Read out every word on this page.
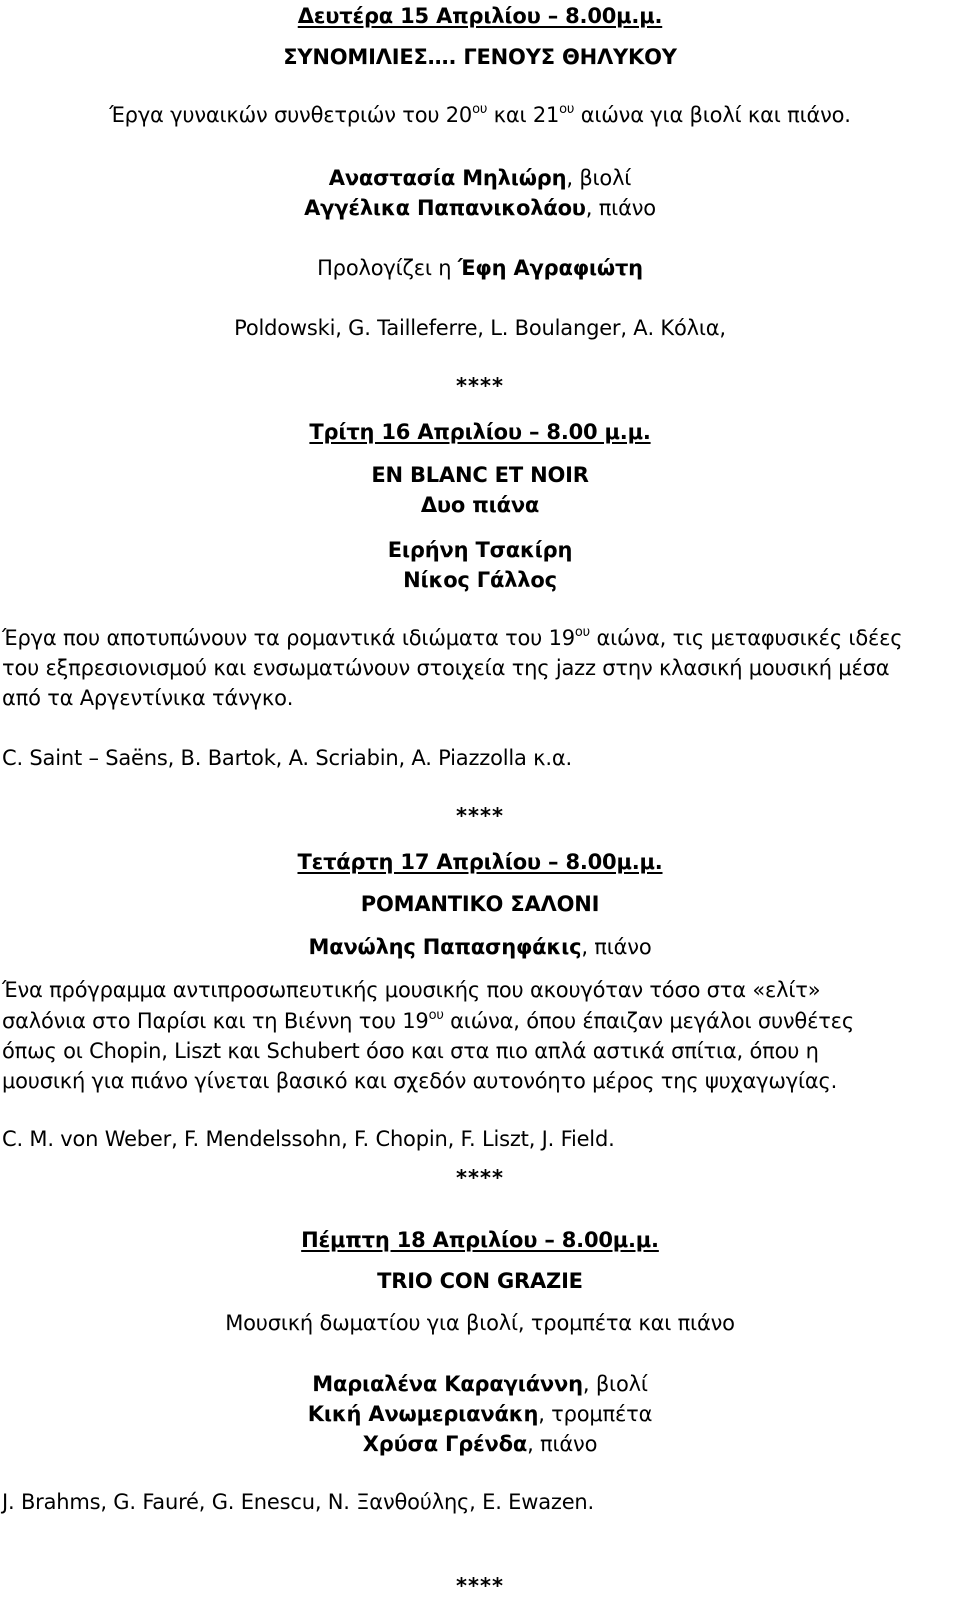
Δευτέρα 15 Απριλίου – 8.00μ.μ.
ΣΥΝΟΜΙΛΙΕΣ…. ΓΕΝΟΥΣ ΘΗΛΥΚΟΥ
Έργα γυναικών συνθετριών του $20^{o\upsilon}$ και $21^{o\upsilon}$ αιώνα για βιολί και πιάνο.
Αναστασία Μηλιώρη, βιολί
Αγγέλικα Παπανικολάου, πιάνο
Προλογίζει η Έφη Αγραφιώτη
Poldowski, G. Tailleferre, L. Boulanger, Α. Κόλια,
****
Τρίτη 16 Απριλίου – 8.00 μ.μ.
EN BLANC ET NOIR
Δυο πιάνα
Ειρήνη Τσακίρη
Νίκος Γάλλος
Έργα που αποτυπώνουν τα ρομαντικά ιδιώματα του $19^{o\upsilon}$ αιώνα, τις μεταφυσικές ιδέες
του εξπρεσιονισμού και ενσωματώνουν στοιχεία της jazz στην κλασική μουσική μέσα
από τα Αργεντίνικα τάνγκο.
C. Saint – Saëns, B. Bartok, A. Scriabin, A. Piazzolla κ.α.
****
Τετάρτη 17 Απριλίου – 8.00μ.μ.
ΡΟΜΑΝΤΙΚΟ ΣΑΛΟΝΙ
Μανώλης Παπασηφάκις, πιάνο
Ένα πρόγραμμα αντιπροσωπευτικής μουσικής που ακουγόταν τόσο στα «ελίτ»
σαλόνια στο Παρίσι και τη Βιέννη του $19^{o\upsilon}$ αιώνα, όπου έπαιζαν μεγάλοι συνθέτες
όπως οι Chopin, Liszt και Schubert όσο και στα πιο απλά αστικά σπίτια, όπου η
μουσική για πιάνο γίνεται βασικό και σχεδόν αυτονόητο μέρος της ψυχαγωγίας.
C. M. von Weber, F. Mendelssohn, F. Chopin, F. Liszt, J. Field.
****
Πέμπτη 18 Απριλίου – 8.00μ.μ.
TRIO CON GRAZIE
Μουσική δωματίου για βιολί, τρομπέτα και πιάνο
Μαριαλένα Καραγιάννη, βιολί
Κική Ανωμεριανάκη, τρομπέτα
Χρύσα Γρένδα, πιάνο
J. Brahms, G. Fauré, G. Enescu, N. Ξανθούλης, E. Ewazen.
****
